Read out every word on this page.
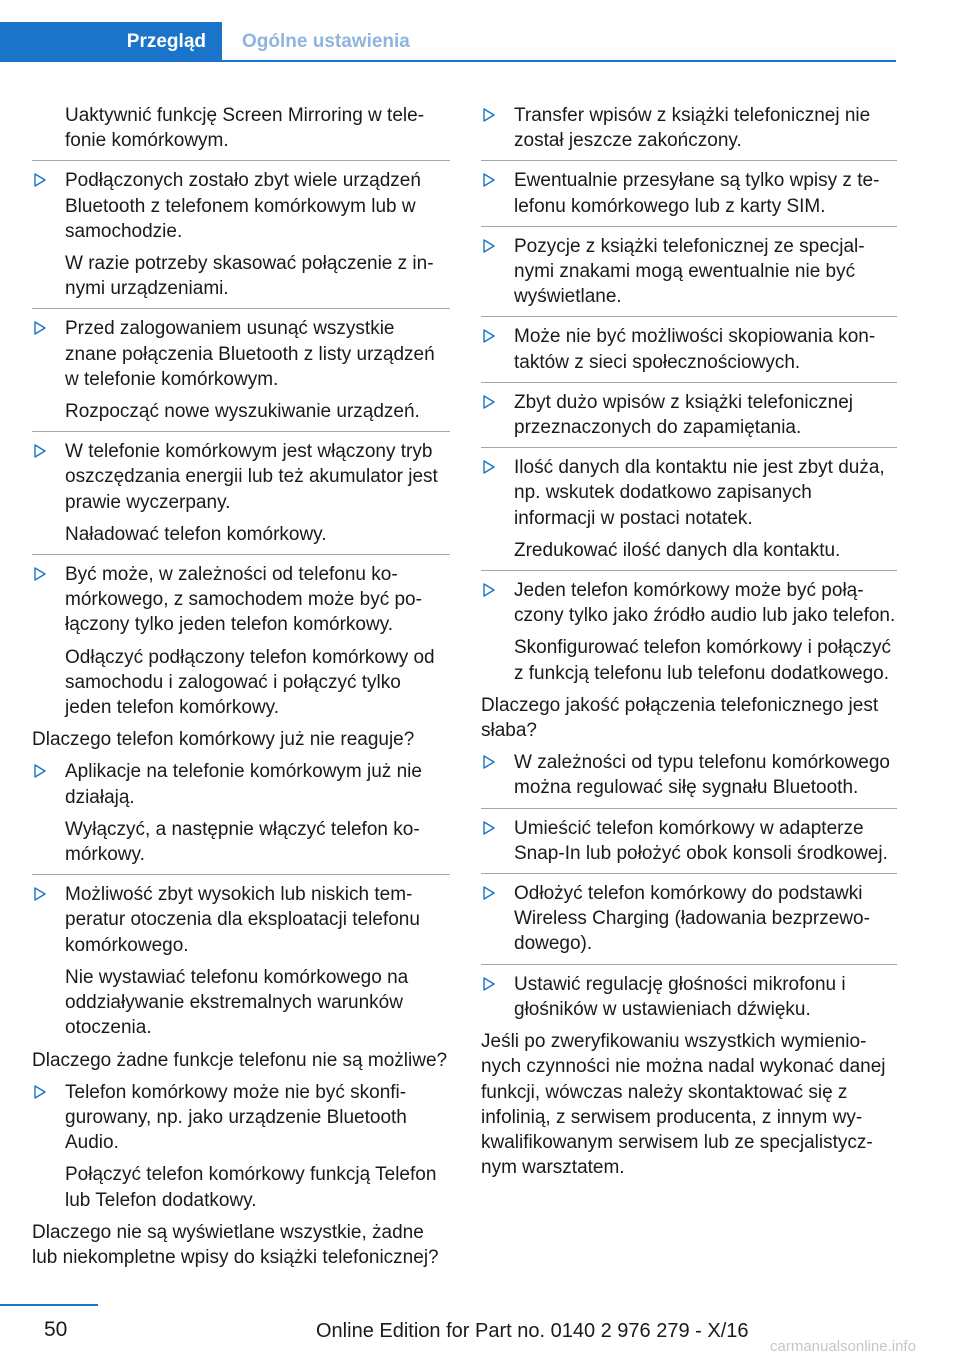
Przegląd Ogólne ustawienia

Uaktywnić funkcję Screen Mirroring w telefonie komórkowym.

Podłączonych zostało zbyt wiele urządzeń Bluetooth z telefonem komórkowym lub w samochodzie.

W razie potrzeby skasować połączenie z innymi urządzeniami.

Przed zalogowaniem usunąć wszystkie znane połączenia Bluetooth z listy urządzeń w telefonie komórkowym.

Rozpocząć nowe wyszukiwanie urządzeń.

W telefonie komórkowym jest włączony tryb oszczędzania energii lub też akumulator jest prawie wyczerpany.

Naładować telefon komórkowy.

Być może, w zależności od telefonu komórkowego, z samochodem może być połączony tylko jeden telefon komórkowy.

Odłączyć podłączony telefon komórkowy od samochodu i zalogować i połączyć tylko jeden telefon komórkowy.

Dlaczego telefon komórkowy już nie reaguje?

Aplikacje na telefonie komórkowym już nie działają.

Wyłączyć, a następnie włączyć telefon komórkowy.

Możliwość zbyt wysokich lub niskich temperatur otoczenia dla eksploatacji telefonu komórkowego.

Nie wystawiać telefonu komórkowego na oddziaływanie ekstremalnych warunków otoczenia.

Dlaczego żadne funkcje telefonu nie są możliwe?

Telefon komórkowy może nie być skonfigurowany, np. jako urządzenie Bluetooth Audio.

Połączyć telefon komórkowy funkcją Telefon lub Telefon dodatkowy.

Dlaczego nie są wyświetlane wszystkie, żadne lub niekompletne wpisy do książki telefonicznej?

Transfer wpisów z książki telefonicznej nie został jeszcze zakończony.
Ewentualnie przesyłane są tylko wpisy z telefonu komórkowego lub z karty SIM.
Pozycje z książki telefonicznej ze specjalnymi znakami mogą ewentualnie nie być wyświetlane.
Może nie być możliwości skopiowania kontaktów z sieci społecznościowych.
Zbyt dużo wpisów z książki telefonicznej przeznaczonych do zapamiętania.
Ilość danych dla kontaktu nie jest zbyt duża, np. wskutek dodatkowo zapisanych informacji w postaci notatek.

Zredukować ilość danych dla kontaktu.

Jeden telefon komórkowy może być połączony tylko jako źródło audio lub jako telefon.

Skonfigurować telefon komórkowy i połączyć z funkcją telefonu lub telefonu dodatkowego.

Dlaczego jakość połączenia telefonicznego jest słaba?

W zależności od typu telefonu komórkowego można regulować siłę sygnału Bluetooth.
Umieścić telefon komórkowy w adapterze Snap-In lub położyć obok konsoli środkowej.
Odłożyć telefon komórkowy do podstawki Wireless Charging (ładowania bezprzewodowego).
Ustawić regulację głośności mikrofonu i głośników w ustawieniach dźwięku.

Jeśli po zweryfikowaniu wszystkich wymienionych czynności nie można nadal wykonać danej funkcji, wówczas należy skontaktować się z infolinią, z serwisem producenta, z innym wykwalifikowanym serwisem lub ze specjalistycznym warsztatem.

50	Online Edition for Part no. 0140 2 976 279 - X/16
carmanualsonline.info
